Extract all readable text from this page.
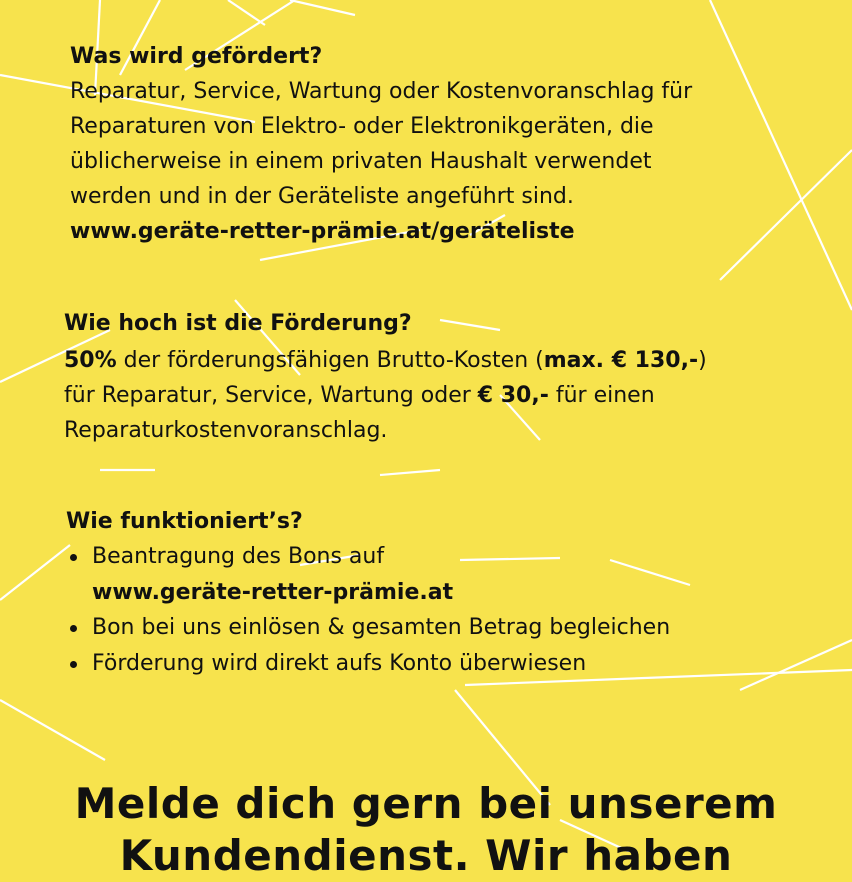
Was wird gefördert?
Reparatur, Service, Wartung oder Kostenvoranschlag für
Reparaturen von Elektro- oder Elektronikgeräten, die
üblicherweise in einem privaten Haushalt verwendet
werden und in der Geräteliste angeführt sind.
www.geräte-retter-prämie.at/geräteliste
Wie hoch ist die Förderung?
50% der förderungsfähigen Brutto-Kosten (max. € 130,-)
für Reparatur, Service, Wartung oder € 30,- für einen
Reparaturkostenvoranschlag.
Wie funktioniert’s?
Beantragung des Bons auf
www.geräte-retter-prämie.at
Bon bei uns einlösen & gesamten Betrag begleichen
Förderung wird direkt aufs Konto überwiesen
Melde dich gern bei unserem
Kundendienst. Wir haben
